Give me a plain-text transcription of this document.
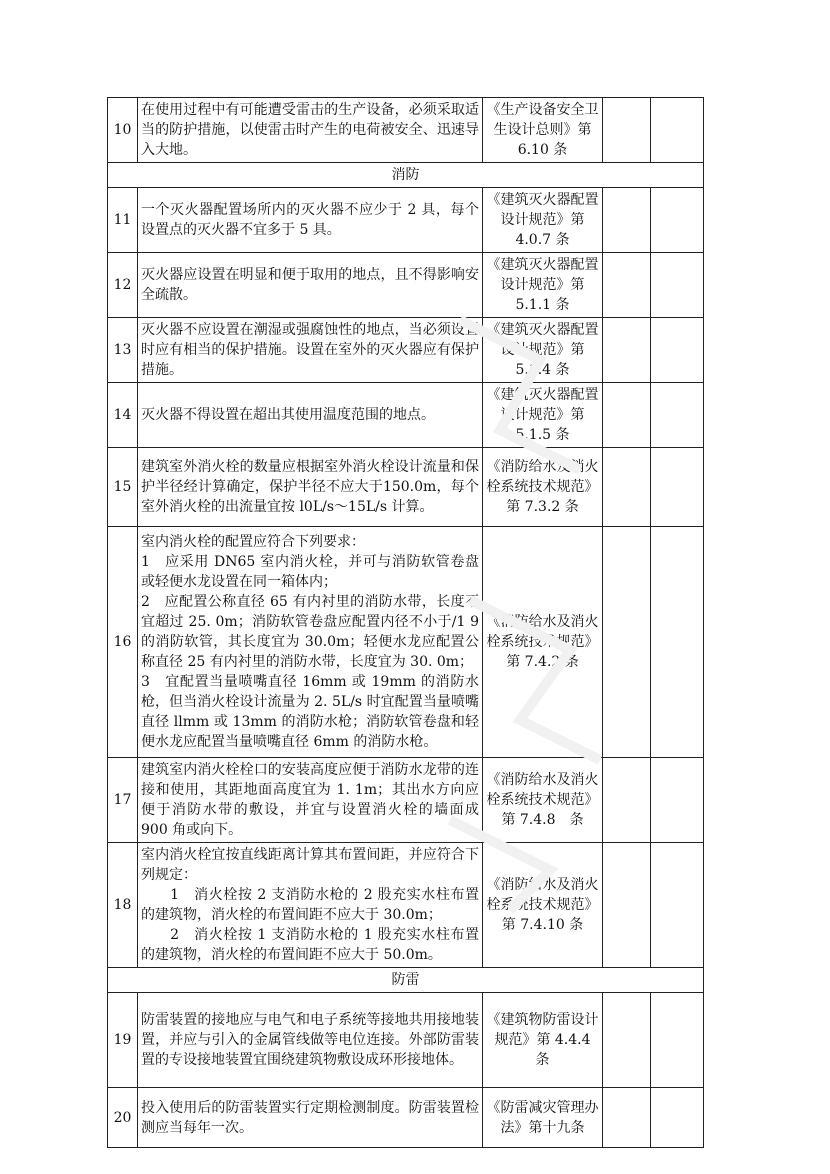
10	在使用过程中有可能遭受雷击的生产设备，必须采取适当的防护措施，以使雷击时产生的电荷被安全、迅速导入大地。	《生产设备安全卫生设计总则》第 6.10 条		
消防				
11	一个灭火器配置场所内的灭火器不应少于 2 具，每个设置点的灭火器不宜多于 5 具。	《建筑灭火器配置设计规范》第 4.0.7 条		
12	灭火器应设置在明显和便于取用的地点，且不得影响安全疏散。	《建筑灭火器配置设计规范》第 5.1.1 条		
13	灭火器不应设置在潮湿或强腐蚀性的地点，当必须设置时应有相当的保护措施。设置在室外的灭火器应有保护措施。	《建筑灭火器配置设计规范》第 5.1.4 条		
14	灭火器不得设置在超出其使用温度范围的地点。	《建筑灭火器配置设计规范》第 5.1.5 条		
15	建筑室外消火栓的数量应根据室外消火栓设计流量和保护半径经计算确定，保护半径不应大于150.0m，每个室外消火栓的出流量宜按 l0L/s～15L/s 计算。	《消防给水及消火栓系统技术规范》第 7.3.2 条		
16	室内消火栓的配置应符合下列要求：
1　应采用 DN65 室内消火栓，并可与消防软管卷盘或轻便水龙设置在同一箱体内；
2　应配置公称直径 65 有内衬里的消防水带，长度不宜超过 25. 0m；消防软管卷盘应配置内径不小于∕1 9 的消防软管，其长度宜为 30.0m；轻便水龙应配置公称直径 25 有内衬里的消防水带，长度宜为 30. 0m；
3　宜配置当量喷嘴直径 16mm 或 19mm 的消防水枪，但当消火栓设计流量为 2. 5L/s 时宜配置当量喷嘴直径 llmm 或 13mm 的消防水枪；消防软管卷盘和轻便水龙应配置当量喷嘴直径 6mm 的消防水枪。	《消防给水及消火栓系统技术规范》第 7.4.2 条		
17	建筑室内消火栓栓口的安装高度应便于消防水龙带的连接和使用，其距地面高度宜为 1. 1m；其出水方向应便于消防水带的敷设，并宜与设置消火栓的墙面成 900 角或向下。	《消防给水及消火栓系统技术规范》
第 7.4.8　条		
18	室内消火栓宜按直线距离计算其布置间距，并应符合下列规定：
　　1　消火栓按 2 支消防水枪的 2 股充实水柱布置的建筑物，消火栓的布置间距不应大于 30.0m；
　　2　消火栓按 1 支消防水枪的 1 股充实水柱布置的建筑物，消火栓的布置间距不应大于 50.0m。	《消防给水及消火栓系统技术规范》第 7.4.10 条		
防雷				
19	防雷装置的接地应与电气和电子系统等接地共用接地装置，并应与引入的金属管线做等电位连接。外部防雷装置的专设接地装置宜围绕建筑物敷设成环形接地体。	《建筑物防雷设计规范》第 4.4.4 条		
20	投入使用后的防雷装置实行定期检测制度。防雷装置检测应当每年一次。	《防雷减灾管理办法》第十九条		
